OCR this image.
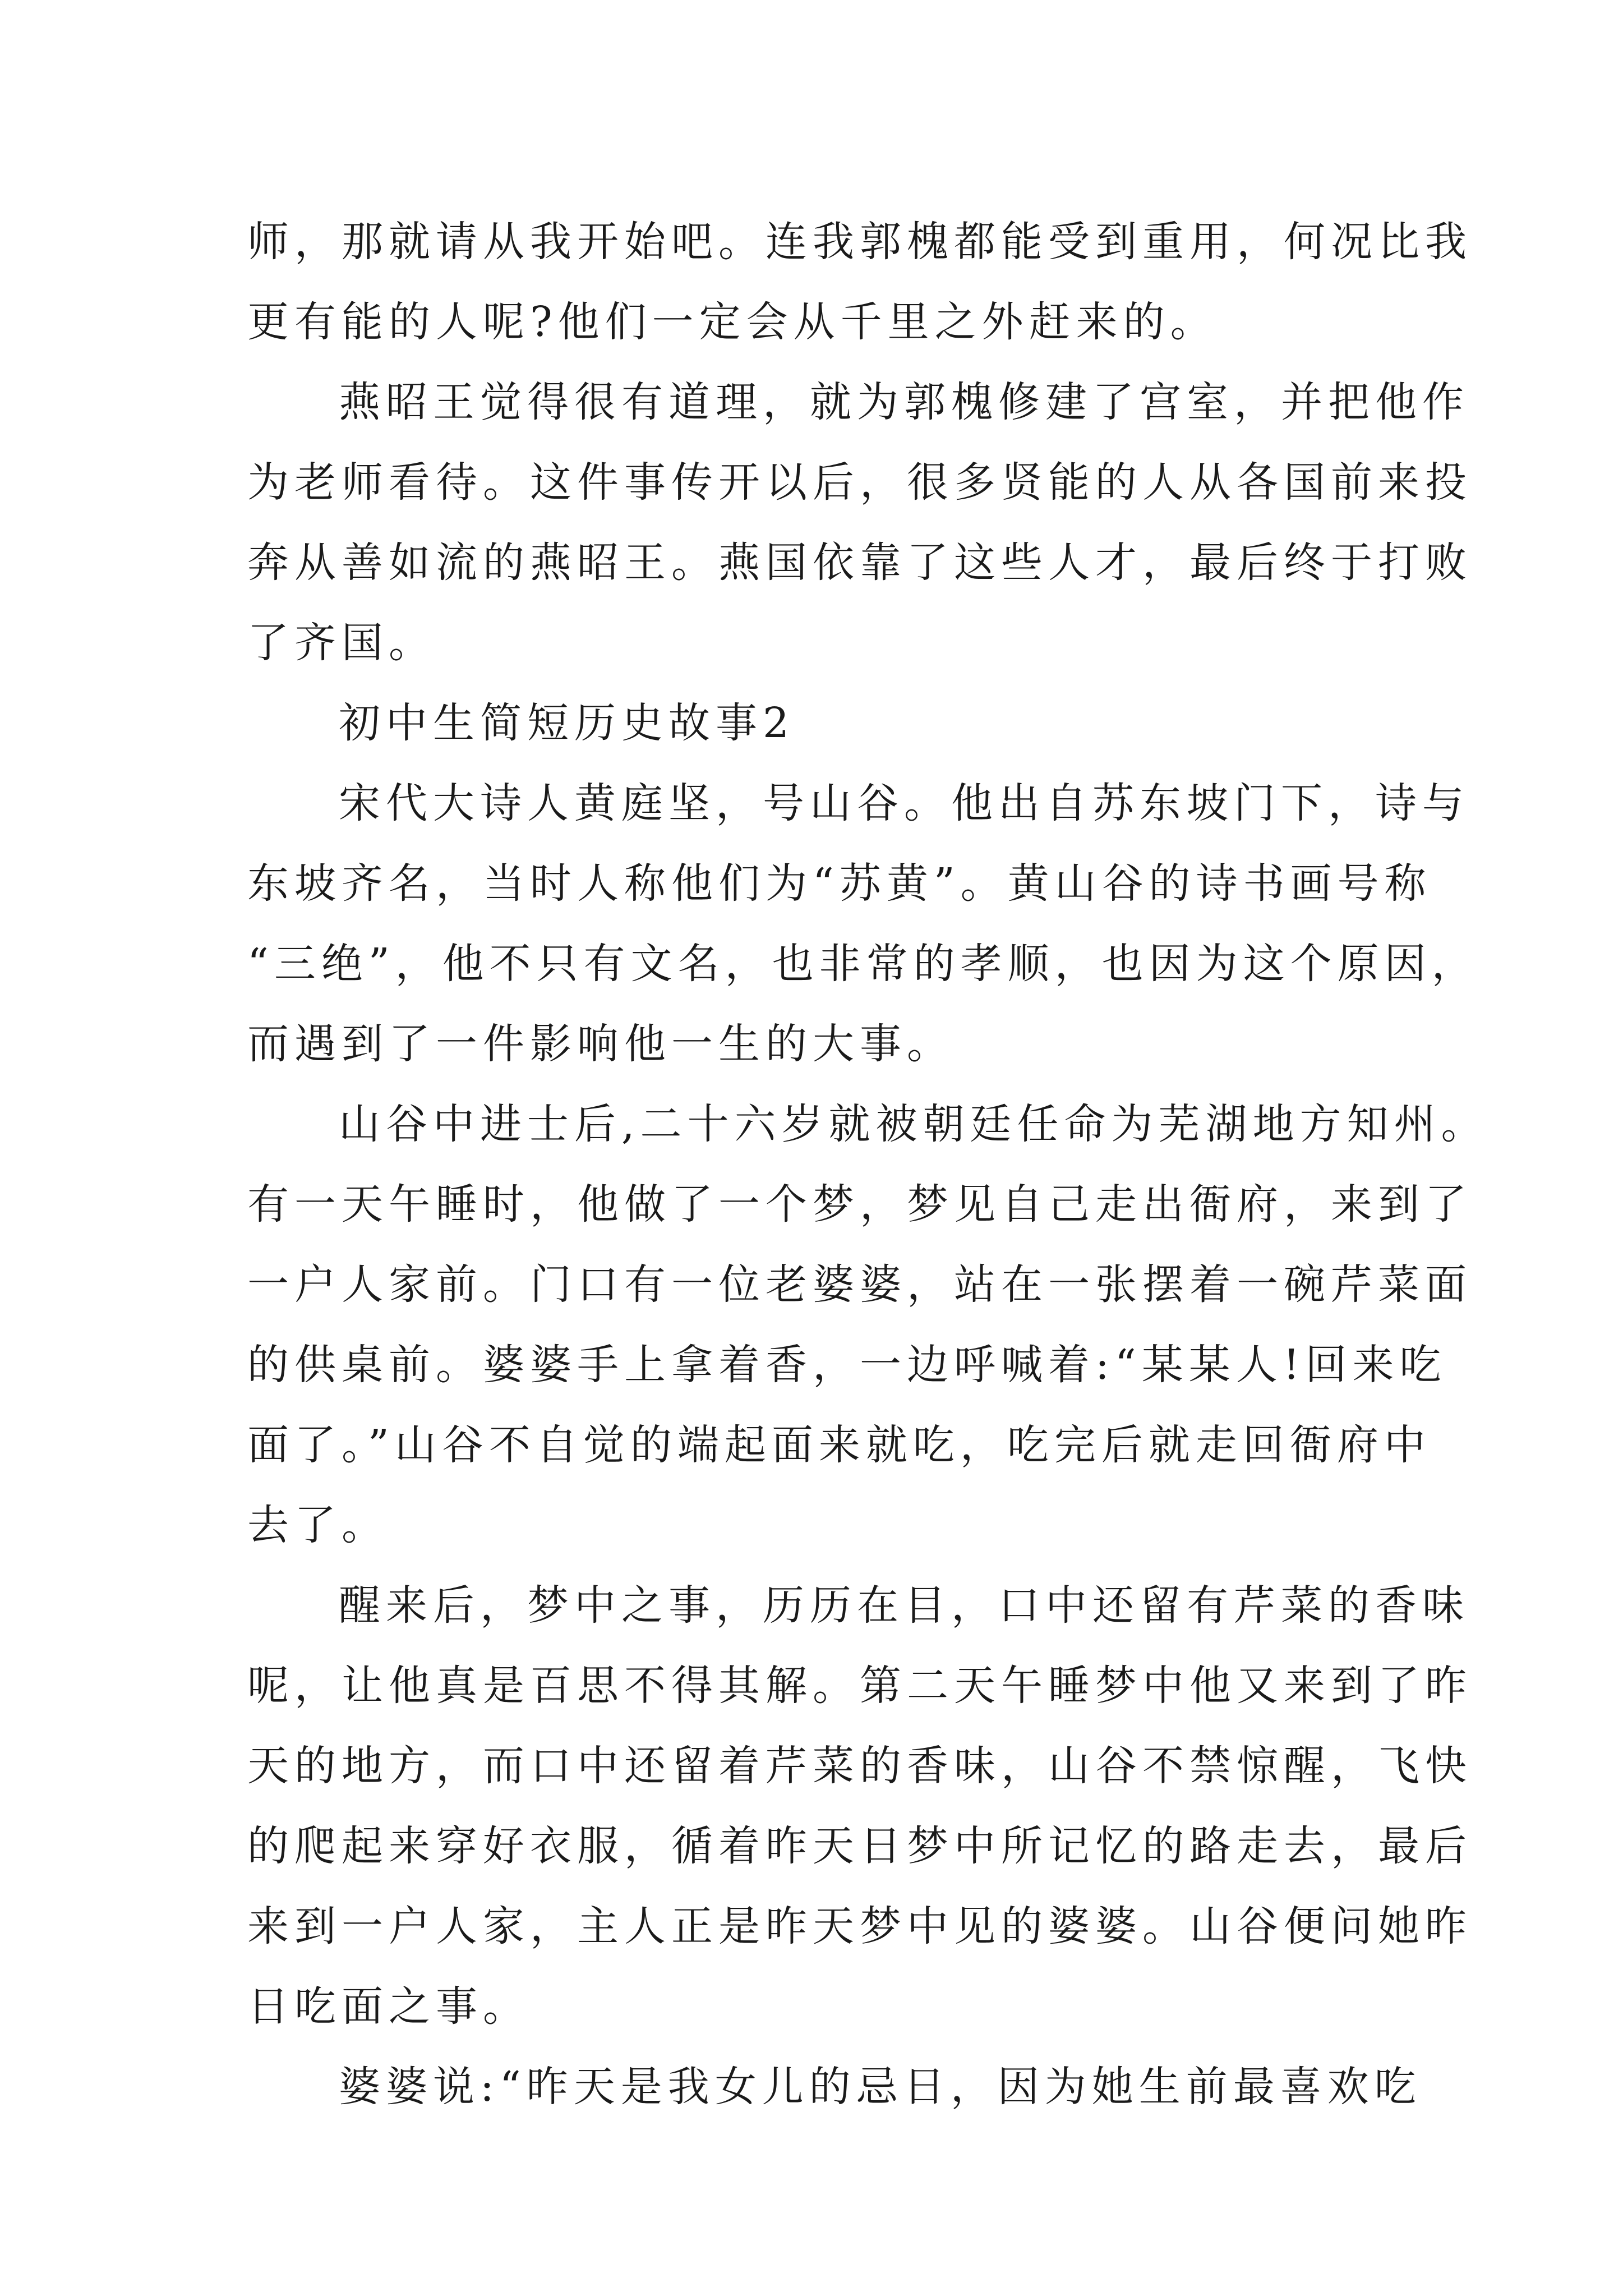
师，那就请从我开始吧。连我郭槐都能受到重用，何况比我
更有能的人呢?他们一定会从千里之外赶来的。
燕昭王觉得很有道理，就为郭槐修建了宫室，并把他作
为老师看待。这件事传开以后，很多贤能的人从各国前来投
奔从善如流的燕昭王。燕国依靠了这些人才，最后终于打败
了齐国。
初中生简短历史故事2
宋代大诗人黄庭坚，号山谷。他出自苏东坡门下，诗与
东坡齐名，当时人称他们为“苏黄”。黄山谷的诗书画号称
“三绝”，他不只有文名，也非常的孝顺，也因为这个原因，
而遇到了一件影响他一生的大事。
山谷中进士后,二十六岁就被朝廷任命为芜湖地方知州。
有一天午睡时，他做了一个梦，梦见自己走出衙府，来到了
一户人家前。门口有一位老婆婆，站在一张摆着一碗芹菜面
的供桌前。婆婆手上拿着香，一边呼喊着:“某某人!回来吃
面了。”山谷不自觉的端起面来就吃，吃完后就走回衙府中
去了。
醒来后，梦中之事，历历在目，口中还留有芹菜的香味
呢，让他真是百思不得其解。第二天午睡梦中他又来到了昨
天的地方，而口中还留着芹菜的香味，山谷不禁惊醒，飞快
的爬起来穿好衣服，循着昨天日梦中所记忆的路走去，最后
来到一户人家，主人正是昨天梦中见的婆婆。山谷便问她昨
日吃面之事。
婆婆说:“昨天是我女儿的忌日，因为她生前最喜欢吃
